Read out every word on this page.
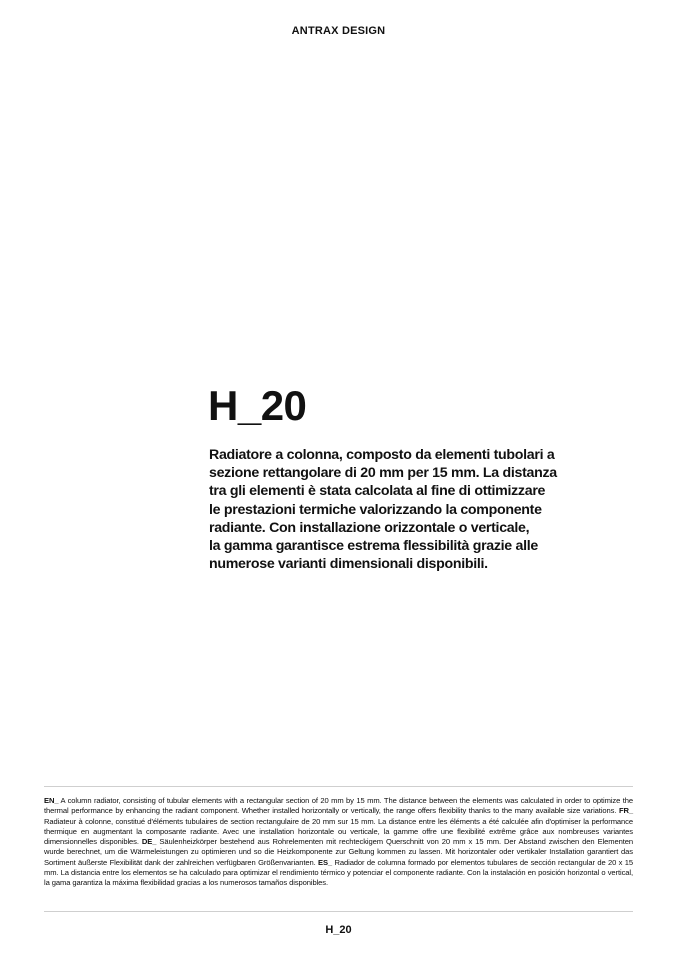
ANTRAX DESIGN
H_20
Radiatore a colonna, composto da elementi tubolari a
sezione rettangolare di 20 mm per 15 mm. La distanza
tra gli elementi è stata calcolata al fine di ottimizzare
le prestazioni termiche valorizzando la componente
radiante. Con installazione orizzontale o verticale,
la gamma garantisce estrema flessibilità grazie alle
numerose varianti dimensionali disponibili.
EN_ A column radiator, consisting of tubular elements with a rectangular section of 20 mm by 15 mm. The distance between the elements was calculated in order to optimize the thermal performance by enhancing the radiant component. Whether installed horizontally or vertically, the range offers flexibility thanks to the many available size variations. FR_ Radiateur à colonne, constitué d'éléments tubulaires de section rectangulaire de 20 mm sur 15 mm. La distance entre les éléments a été calculée afin d'optimiser la performance thermique en augmentant la composante radiante. Avec une installation horizontale ou verticale, la gamme offre une flexibilité extrême grâce aux nombreuses variantes dimensionnelles disponibles. DE_ Säulenheizkörper bestehend aus Rohrelementen mit rechteckigem Querschnitt von 20 mm x 15 mm. Der Abstand zwischen den Elementen wurde berechnet, um die Wärmeleistungen zu optimieren und so die Heizkomponente zur Geltung kommen zu lassen. Mit horizontaler oder vertikaler Installation garantiert das Sortiment äußerste Flexibilität dank der zahlreichen verfügbaren Größenvarianten. ES_ Radiador de columna formado por elementos tubulares de sección rectangular de 20 x 15 mm. La distancia entre los elementos se ha calculado para optimizar el rendimiento térmico y potenciar el componente radiante. Con la instalación en posición horizontal o vertical, la gama garantiza la máxima flexibilidad gracias a los numerosos tamaños disponibles.
H_20
